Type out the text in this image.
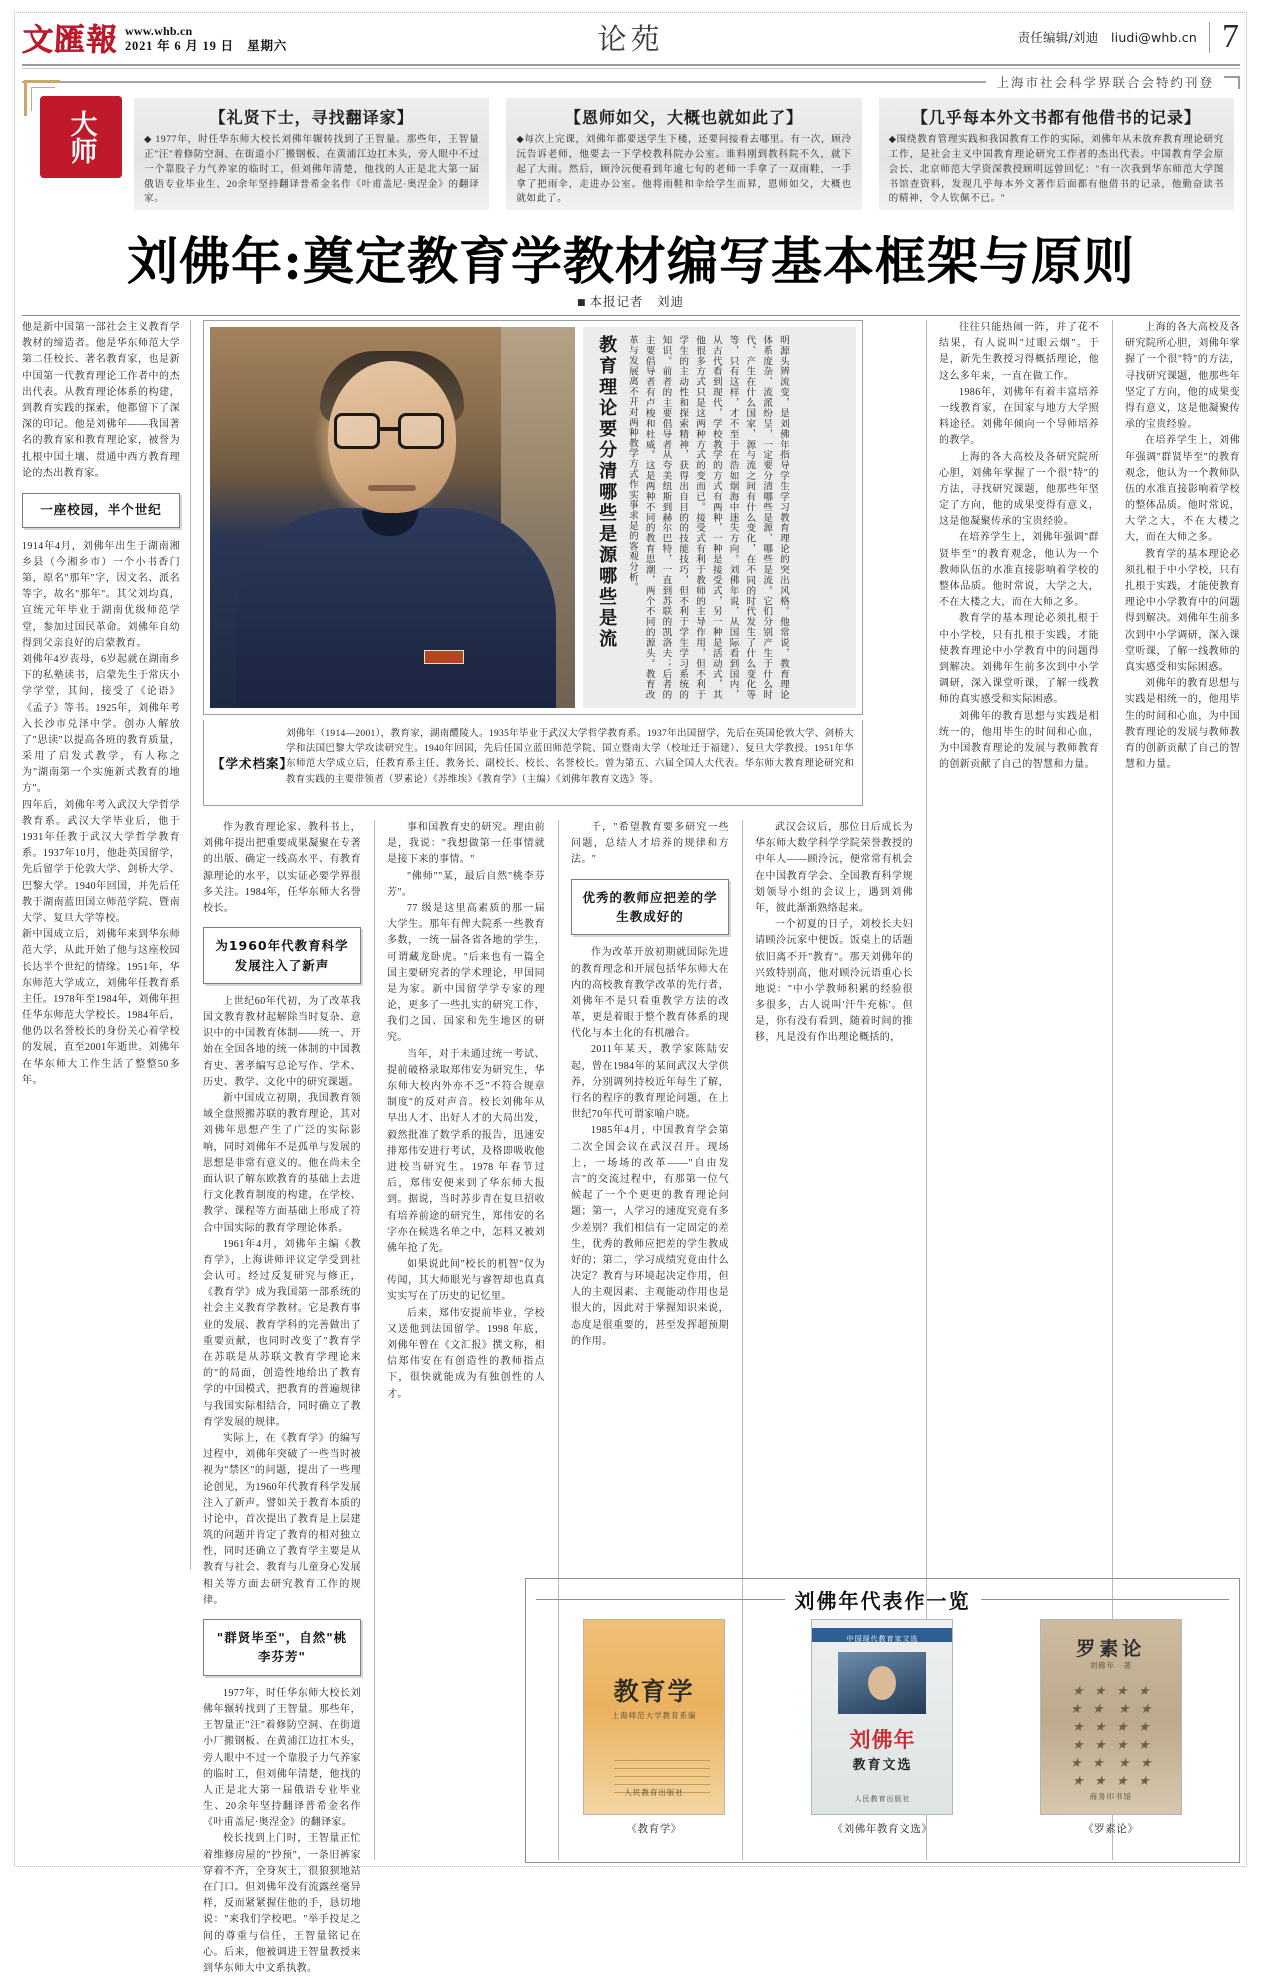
文匯報 www.whb.cn
2021 年 6 月 19 日　星期六	论苑	责任编辑/刘迪　liudi@whb.cn 7
上海市社会科学界联合会特约刊登
大师	【礼贤下士，寻找翻译家】
◆ 1977年，时任华东师大校长刘佛年辗转找到了王智量。那些年，王智量正"汪"着修防空洞、在街道小厂搬钢板、在黄浦江边扛木头，旁人眼中不过一个靠股子力气养家的临时工，但刘佛年清楚，他找的人正是北大第一届俄语专业毕业生、20余年坚持翻译普希金名作《叶甫盖尼·奥涅金》的翻译家。
【恩师如父，大概也就如此了】
◆每次上完课，刘佛年都要送学生下楼，还要问接着去哪里。有一次，顾泠沅告诉老师，他要去一下学校教科院办公室。谁料刚到教科院不久，就下起了大雨。然后，顾泠沅便看到年逾七旬的老师一手拿了一双雨鞋，一手拿了把雨伞，走进办公室。他将雨鞋和伞给学生而昪，恩师如父，大概也就如此了。
【几乎每本外文书都有他借书的记录】
◆围绕教育管理实践和我国教育工作的实际，刘佛年从未放弃教育理论研究工作，是社会主义中国教育理论研究工作者的杰出代表。中国教育学会原会长、北京师范大学资深教授顾明远曾回忆："有一次我到华东师范大学图书馆查资料，发现几乎每本外文著作后面都有他借书的记录，他勤奋读书的精神，令人钦佩不已。"
刘佛年:奠定教育学教材编写基本框架与原则
■ 本报记者　刘迪
他是新中国第一部社会主义教育学教材的缔造者。他是华东师范大学第二任校长、著名教育家，也是新中国第一代教育理论工作者中的杰出代表。从教育理论体系的构建，到教育实践的探索，他都留下了深深的印记。他是刘佛年——我国著名的教育家和教育理论家，被誉为扎根中国土壤、贯通中西方教育理论的杰出教育家。
一座校园，半个世纪
1914年4月，刘佛年出生于湖南湘乡县（今湘乡市）一个小书香门第，原名"那年"字，因文名、派名等字，故名"那年"。其父刘均真，宣统元年毕业于湖南优级师范学堂，参加过国民革命。刘佛年自幼得到父亲良好的启蒙教育。
刘佛年4岁丧母，6岁起就在湖南乡下的私塾读书，启蒙先生于常庆小学学堂，其间，接受了《论语》《孟子》等书。1925年，刘佛年考入长沙市兑泽中学。创办人解放了"思读"以提高各班的教育质量，采用了启发式教学，有人称之为"湖南第一个实施新式教育的地方"。
四年后，刘佛年考入武汉大学哲学教育系。武汉大学毕业后，他于1931年任教于武汉大学哲学教育系。1937年10月，他赴英国留学，先后留学于伦敦大学、剑桥大学、巴黎大学。1940年回国，并先后任教于湖南蓝田国立师范学院、暨南大学、复旦大学等校。
新中国成立后，刘佛年来到华东师范大学，从此开始了他与这座校园长达半个世纪的情缘。1951年，华东师范大学成立，刘佛年任教育系主任。1978年至1984年，刘佛年担任华东师范大学校长。1984年后，他仍以名誉校长的身份关心着学校的发展，直至2001年逝世。刘佛年在华东师大工作生活了整整50多年。
教育理论要分清哪些是源哪些是流	明源头辨流变，是刘佛年指导学生学习教育理论的突出风格。他常说，教育理论体系庞杂、流派纷呈，一定要分清哪些是源、哪些是流。它们分别产生于什么时代、产生在什么国家，源与流之间有什么变化，在不同的时代发生了什么变化等等，只有这样，才不至于在浩如烟海中迷失方向。刘佛年说，从国际看到国内，从古代看到现代，学校教学的方式有两种，一种是接受式，另一种是活动式，其他很多方式只是这两种方式的变而已。接受式有利于教师的主导作用，但不利于学生的主动性和探索精神，获得出自目的的技能技巧，但不利于学生学习系统的知识。前者的主要倡导者从夸美纽斯到赫尔巴特，一直到苏联的凯洛夫；后者的主要倡导者有卢梭和杜威。这是两种不同的教育思潮，两个不同的源头。教育改革与发展离不开对两种教学方式作实事求是的客观分析。
【学术档案】
刘佛年（1914—2001），教育家，湖南醴陵人。1935年毕业于武汉大学哲学教育系。1937年出国留学，先后在英国伦敦大学、剑桥大学和法国巴黎大学攻读研究生。1940年回国，先后任国立蓝田师范学院、国立暨南大学（校址迁于福建）、复旦大学教授。1951年华东师范大学成立后，任教育系主任、教务长、副校长、校长、名誉校长。曾为第五、六届全国人大代表。华东师大教育理论研究和教育实践的主要带领者（罗素论）《苏维埃》《教育学》（主编）《刘佛年教育文选》等。

作为教育理论家、教科书上，刘佛年提出把重要成果凝聚在专著的出版、确定一线高水平、有教育源理论的水平，以实证必要学界很多关注。1984年，任华东师大名誉校长。

为1960年代教育科学发展注入了新声

上世纪60年代初，为了改革我国文教育教材起解除当时复杂、意识中的中国教育体制——统一、开始在全国各地的统一体制的中国教育史、著孝编写总论写作、学术、历史、教学、文化中的研究课题。

新中国成立初期，我国教育领域全盘照搬苏联的教育理论，其对刘佛年思想产生了广泛的实际影响，同时刘佛年不是孤单与发展的思想是非常有意义的。他在尚未全面认识了解东欧教育的基础上去进行文化教育制度的构建，在学校、教学、课程等方面基础上形成了符合中国实际的教育学理论体系。

1961年4月，刘佛年主编《教育学》，上海讲师评议定学受到社会认可。经过反复研究与修正，《教育学》成为我国第一部系统的社会主义教育学教材。它是教育事业的发展、教育学科的完善做出了重要贡献，也同时改变了"教育学在苏联是从苏联文教育学理论来的"的局面，创造性地给出了教育学的中国模式，把教育的普遍规律与我国实际相结合，同时确立了教育学发展的规律。

实际上，在《教育学》的编写过程中，刘佛年突破了一些当时被视为"禁区"的问题，提出了一些理论创见，为1960年代教育科学发展注入了新声。譬如关于教育本质的讨论中，首次提出了教育是上层建筑的问题并肯定了教育的相对独立性，同时还确立了教育学主要是从教育与社会、教育与儿童身心发展相关等方面去研究教育工作的规律。

"群贤毕至"，自然"桃李芬芳"

1977年，时任华东师大校长刘佛年辗转找到了王智量。那些年，王智量正"汪"着修防空洞、在街道小厂搬钢板、在黄浦江边扛木头，旁人眼中不过一个靠股子力气养家的临时工，但刘佛年清楚，他找的人正是北大第一届俄语专业毕业生、20余年坚持翻译普希金名作《叶甫盖尼·奥涅金》的翻译家。

校长找到上门时，王智量正忙着维修房屋的"抄预"，一条旧裤家穿着不齐，全身灰土，很狼狈地站在门口。但刘佛年没有流露丝毫异样，反而紧紧握住他的手，恳切地说："来我们学校吧。"举手投足之间的尊重与信任，王智量铭记在心。后来，他被调进王智量教授来到华东师大中文系执教。

事和国教育史的研究。理由前是，我说："我想做第一任事情就是接下来的事情。"

"佛师""某，最后自然"桃李芬芳"。

77 级是这里高素质的那一届大学生。那年有俾大院系一些教育多数，一统一届各省各地的学生，可谓藏龙卧虎。"后来也有一篇全国主要研究者的学术理论，甲国同是为家。新中国留学学专家的理论，更多了一些扎实的研究工作，我们之国、国家和先生地区的研究。

当年，对于未通过统一考试、提前破格录取郑伟安为研究生，华东师大校内外亦不乏"不符合规章制度"的反对声音。校长刘佛年从早出人才、出好人才的大局出发，毅然批准了数学系的报告，迅速安排郑伟安进行考试，及格即吸收他进校当研究生。1978 年春节过后，郑伟安便来到了华东师大报到。据说，当时苏步青在复旦招收有培养前途的研究生，郑伟安的名字亦在候选名单之中，怎料又被刘佛年抢了先。

如果说此间"校长的机智"仅为传闻，其大师眼光与睿智却也真真实实写在了历史的记忆里。

后来，郑伟安提前毕业，学校又送他到法国留学。1998 年底，刘佛年曾在《文汇报》撰文称，相信郑伟安在有创造性的教师指点下，很快就能成为有独创性的人才。

千，"希望教育要多研究一些问题，总结人才培养的规律和方法。"

优秀的教师应把差的学生教成好的

作为改革开放初期就国际先进的教育理念和开展包括华东师大在内的高校教育教学改革的先行者，刘佛年不是只看重教学方法的改革，更是着眼于整个教育体系的现代化与本土化的有机融合。

2011年某天，教学家陈陆安起，曾在1984年的某间武汉大学供养，分别调列持校近年每生了解，行名的程序的教育理论问题，在上世纪70年代可谓家喻户晓。

1985年4月，中国教育学会第二次全国会议在武汉召开。现场上，一场场的改革——"自由发言"的交流过程中，有那第一位气候起了一个个更更的教育理论问题；第一，人学习的速度究竟有多少差别？我们相信有一定固定的差生，优秀的教师应把差的学生教成好的；第二，学习成绩究竟由什么决定？教育与环境起决定作用，但人的主观因素、主观能动作用也是很大的，因此对于掌握知识来说，态度是很重要的，甚至发挥超预期的作用。

武汉会议后，那位日后成长为华东师大数学科学学院荣誉教授的中年人——顾泠沅，便常常有机会在中国教育学会、全国教育科学规划领导小组的会议上，遇到刘佛年，彼此渐渐熟络起来。

一个初夏的日子，刘校长夫妇请顾泠沅家中便饭。饭桌上的话题依旧离不开"教育"。那天刘佛年的兴致特别高，他对顾泠沅语重心长地说："中小学教师积累的经验很多很多，古人说叫'汗牛充栋'。但是，你有没有看到，随着时间的推移，凡是没有作出理论概括的，

往往只能热闹一阵，并了花不结果，有人说叫"过眼云烟"。于是，新先生教授习得概括理论，他这么多年来，一直在做工作。

1986年，刘佛年有着丰富培养一线教育家，在国家与地方大学照料途径。刘佛年倾向一个导师培养的教学。

上海的各大高校及各研究院所心胆，刘佛年掌握了一个很"特"的方法，寻找研究课题，他那些年坚定了方向，他的成果变得有意义，这是他凝聚传承的宝贵经验。

在培养学生上，刘佛年强调"群贤毕至"的教育观念，他认为一个教师队伍的水准直接影响着学校的整体品质。他时常说，大学之大，不在大楼之大，而在大师之多。

教育学的基本理论必须扎根于中小学校，只有扎根于实践，才能使教育理论中小学教育中的问题得到解决。刘佛年生前多次到中小学调研，深入课堂听课，了解一线教师的真实感受和实际困惑。

刘佛年的教育思想与实践是相统一的，他用毕生的时间和心血，为中国教育理论的发展与教师教育的创新贡献了自己的智慧和力量。

上海的各大高校及各研究院所心胆，刘佛年掌握了一个很"特"的方法，寻找研究课题，他那些年坚定了方向，他的成果变得有意义，这是他凝聚传承的宝贵经验。

在培养学生上，刘佛年强调"群贤毕至"的教育观念，他认为一个教师队伍的水准直接影响着学校的整体品质。他时常说，大学之大，不在大楼之大，而在大师之多。

教育学的基本理论必须扎根于中小学校，只有扎根于实践，才能使教育理论中小学教育中的问题得到解决。刘佛年生前多次到中小学调研，深入课堂听课，了解一线教师的真实感受和实际困惑。

刘佛年的教育思想与实践是相统一的，他用毕生的时间和心血，为中国教育理论的发展与教师教育的创新贡献了自己的智慧和力量。

刘佛年代表作一览
教育学
上海师范大学教育系编
人民教育出版社
《教育学》
中国现代教育家文选
刘佛年
教育文选
人民教育出版社
《刘佛年教育文选》
罗素论
刘佛年　著
★ ★ ★ ★★ ★ ★ ★★ ★ ★ ★ ★ ★ ★ ★★ ★ ★ ★★ ★ ★ ★
商务印书馆
《罗素论》
